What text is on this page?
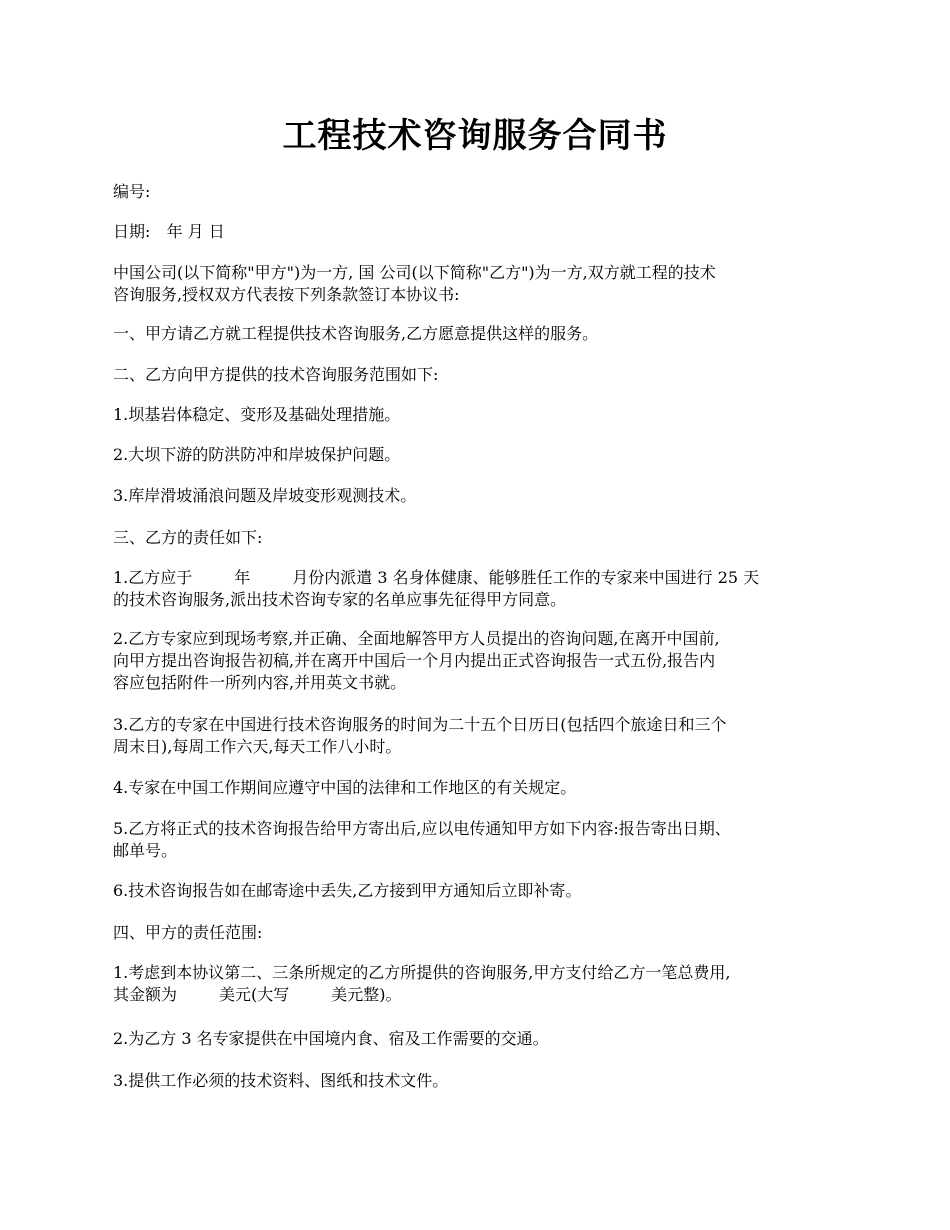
工程技术咨询服务合同书

编号:

日期: 年 月 日

中国公司(以下简称"甲方")为一方, 国 公司(以下简称"乙方")为一方,双方就工程的技术
咨询服务,授权双方代表按下列条款签订本协议书:

一、甲方请乙方就工程提供技术咨询服务,乙方愿意提供这样的服务。

二、乙方向甲方提供的技术咨询服务范围如下:

1.坝基岩体稳定、变形及基础处理措施。

2.大坝下游的防洪防冲和岸坡保护问题。

3.库岸滑坡涌浪问题及岸坡变形观测技术。

三、乙方的责任如下:

1.乙方应于	年	月份内派遣 3 名身体健康、能够胜任工作的专家来中国进行 25 天
的技术咨询服务,派出技术咨询专家的名单应事先征得甲方同意。

2.乙方专家应到现场考察,并正确、全面地解答甲方人员提出的咨询问题,在离开中国前,
向甲方提出咨询报告初稿,并在离开中国后一个月内提出正式咨询报告一式五份,报告内
容应包括附件一所列内容,并用英文书就。

3.乙方的专家在中国进行技术咨询服务的时间为二十五个日历日(包括四个旅途日和三个
周末日),每周工作六天,每天工作八小时。

4.专家在中国工作期间应遵守中国的法律和工作地区的有关规定。

5.乙方将正式的技术咨询报告给甲方寄出后,应以电传通知甲方如下内容:报告寄出日期、
邮单号。

6.技术咨询报告如在邮寄途中丢失,乙方接到甲方通知后立即补寄。

四、甲方的责任范围:

1.考虑到本协议第二、三条所规定的乙方所提供的咨询服务,甲方支付给乙方一笔总费用,
其金额为	美元(大写	美元整)。

2.为乙方 3 名专家提供在中国境内食、宿及工作需要的交通。

3.提供工作必须的技术资料、图纸和技术文件。
